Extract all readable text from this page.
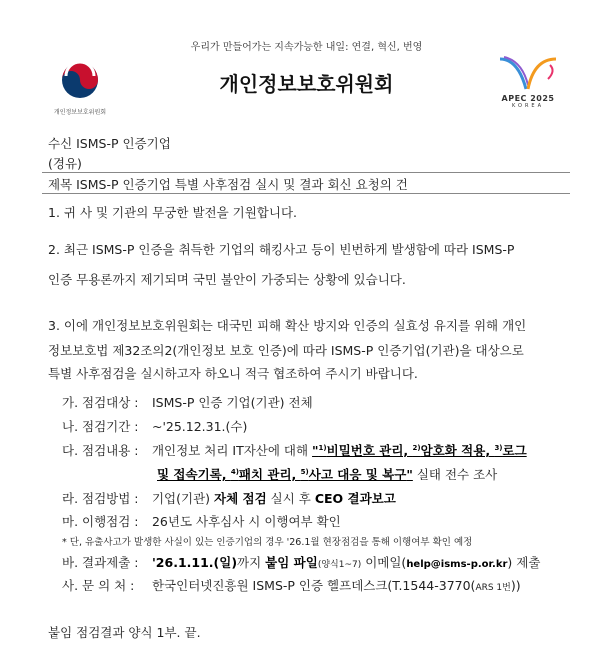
우리가 만들어가는 지속가능한 내일: 연결, 혁신, 번영
개인정보보호위원회
개인정보보호위원회
APEC 2025
KOREA
수신 ISMS-P 인증기업
(경유)
제목 ISMS-P 인증기업 특별 사후점검 실시 및 결과 회신 요청의 건
1. 귀 사 및 기관의 무궁한 발전을 기원합니다.
2. 최근 ISMS-P 인증을 취득한 기업의 해킹사고 등이 빈번하게 발생함에 따라 ISMS-P
인증 무용론까지 제기되며 국민 불안이 가중되는 상황에 있습니다.
3. 이에 개인정보보호위원회는 대국민 피해 확산 방지와 인증의 실효성 유지를 위해 개인
정보보호법 제32조의2(개인정보 보호 인증)에 따라 ISMS-P 인증기업(기관)을 대상으로
특별 사후점검을 실시하고자 하오니 적극 협조하여 주시기 바랍니다.
가. 점검대상 : ISMS-P 인증 기업(기관) 전체
나. 점검기간 : ~'25.12.31.(수)
다. 점검내용 : 개인정보 처리 IT자산에 대해 "$^{1)}$비밀번호 관리, $^{2)}$암호화 적용, $^{3)}$로그
및 접속기록, $^{4)}$패치 관리, $^{5)}$사고 대응 및 복구" 실태 전수 조사
라. 점검방법 : 기업(기관) 자체 점검 실시 후 CEO 결과보고
마. 이행점검 : 26년도 사후심사 시 이행여부 확인
* 단, 유출사고가 발생한 사실이 있는 인증기업의 경우 '26.1월 현장점검을 통해 이행여부 확인 예정
바. 결과제출 : '26.1.11.(일)까지 붙임 파일(양식1~7) 이메일(help@isms-p.or.kr) 제출
사. 문 의 처 : 한국인터넷진흥원 ISMS-P 인증 헬프데스크(T.1544-3770(ARS 1번))
붙임 점검결과 양식 1부. 끝.
